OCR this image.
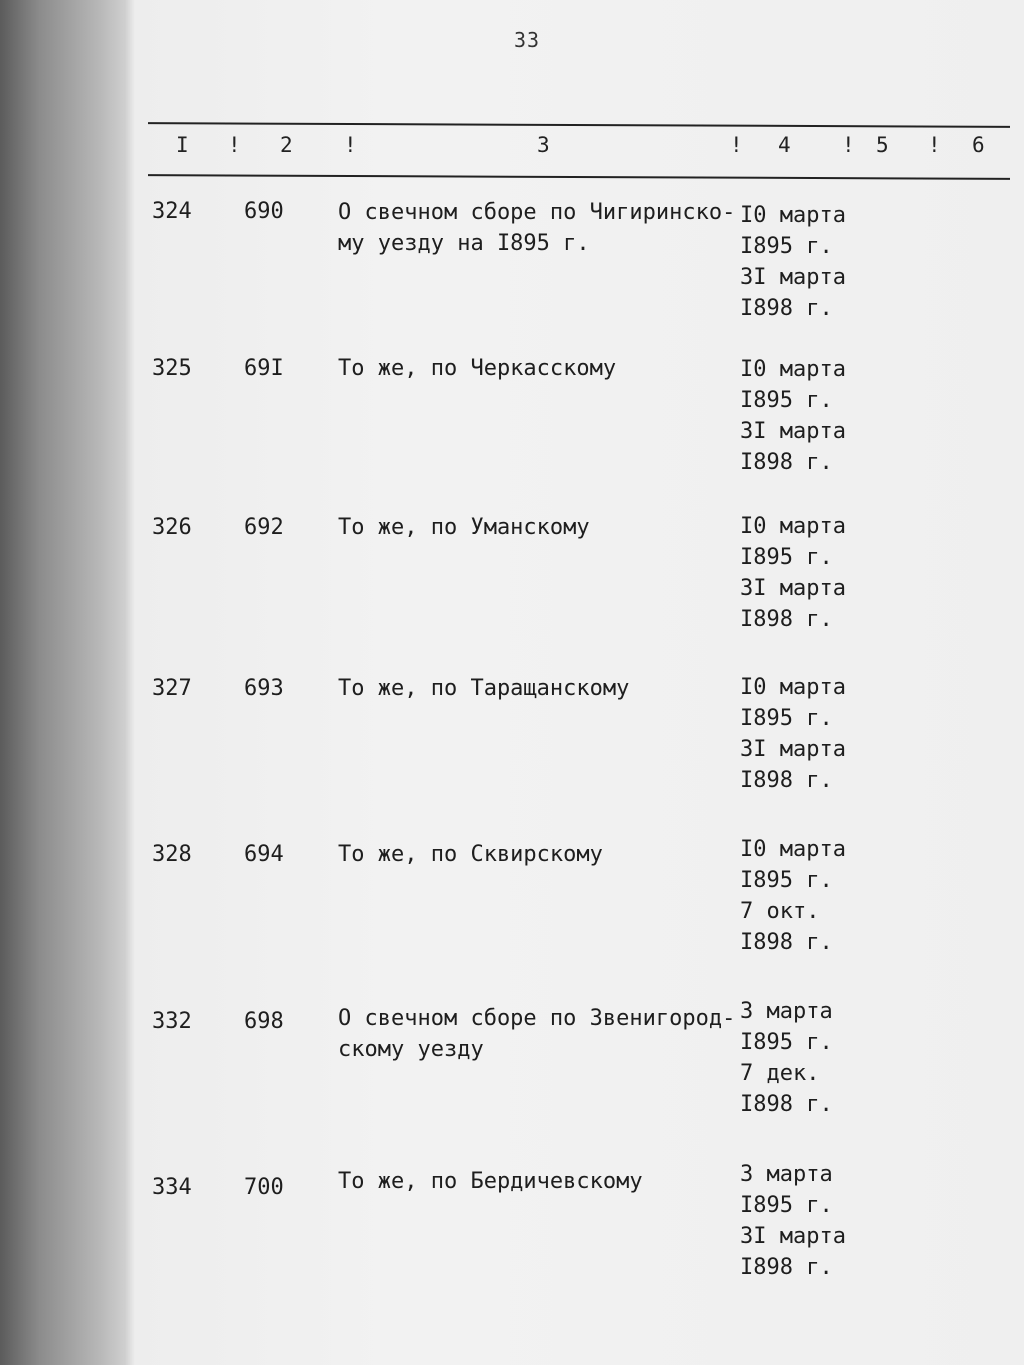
33
I ! 2 !	3	! 4 ! 5 ! 6
324 690 О свечном сборе по Чигиринско-му уезду на I895 г.
I0 марта
I895 г.
3I марта
I898 г.
325 69I То же, по Черкасскому	I0 марта
I895 г.
3I марта
I898 г.
326 692 То же, по Уманскому	I0 марта
I895 г.
3I марта
I898 г.
327 693 То же, по Таращанскому	I0 марта
I895 г.
3I марта
I898 г.
328 694 То же, по Сквирскому	I0 марта
I895 г.
7 окт.
I898 г.
332 698 О свечном сборе по Звенигород-скому уезду
3 марта
I895 г.
7 дек.
I898 г.
334 700 То же, по Бердичевскому	3 марта
I895 г.
3I марта
I898 г.
